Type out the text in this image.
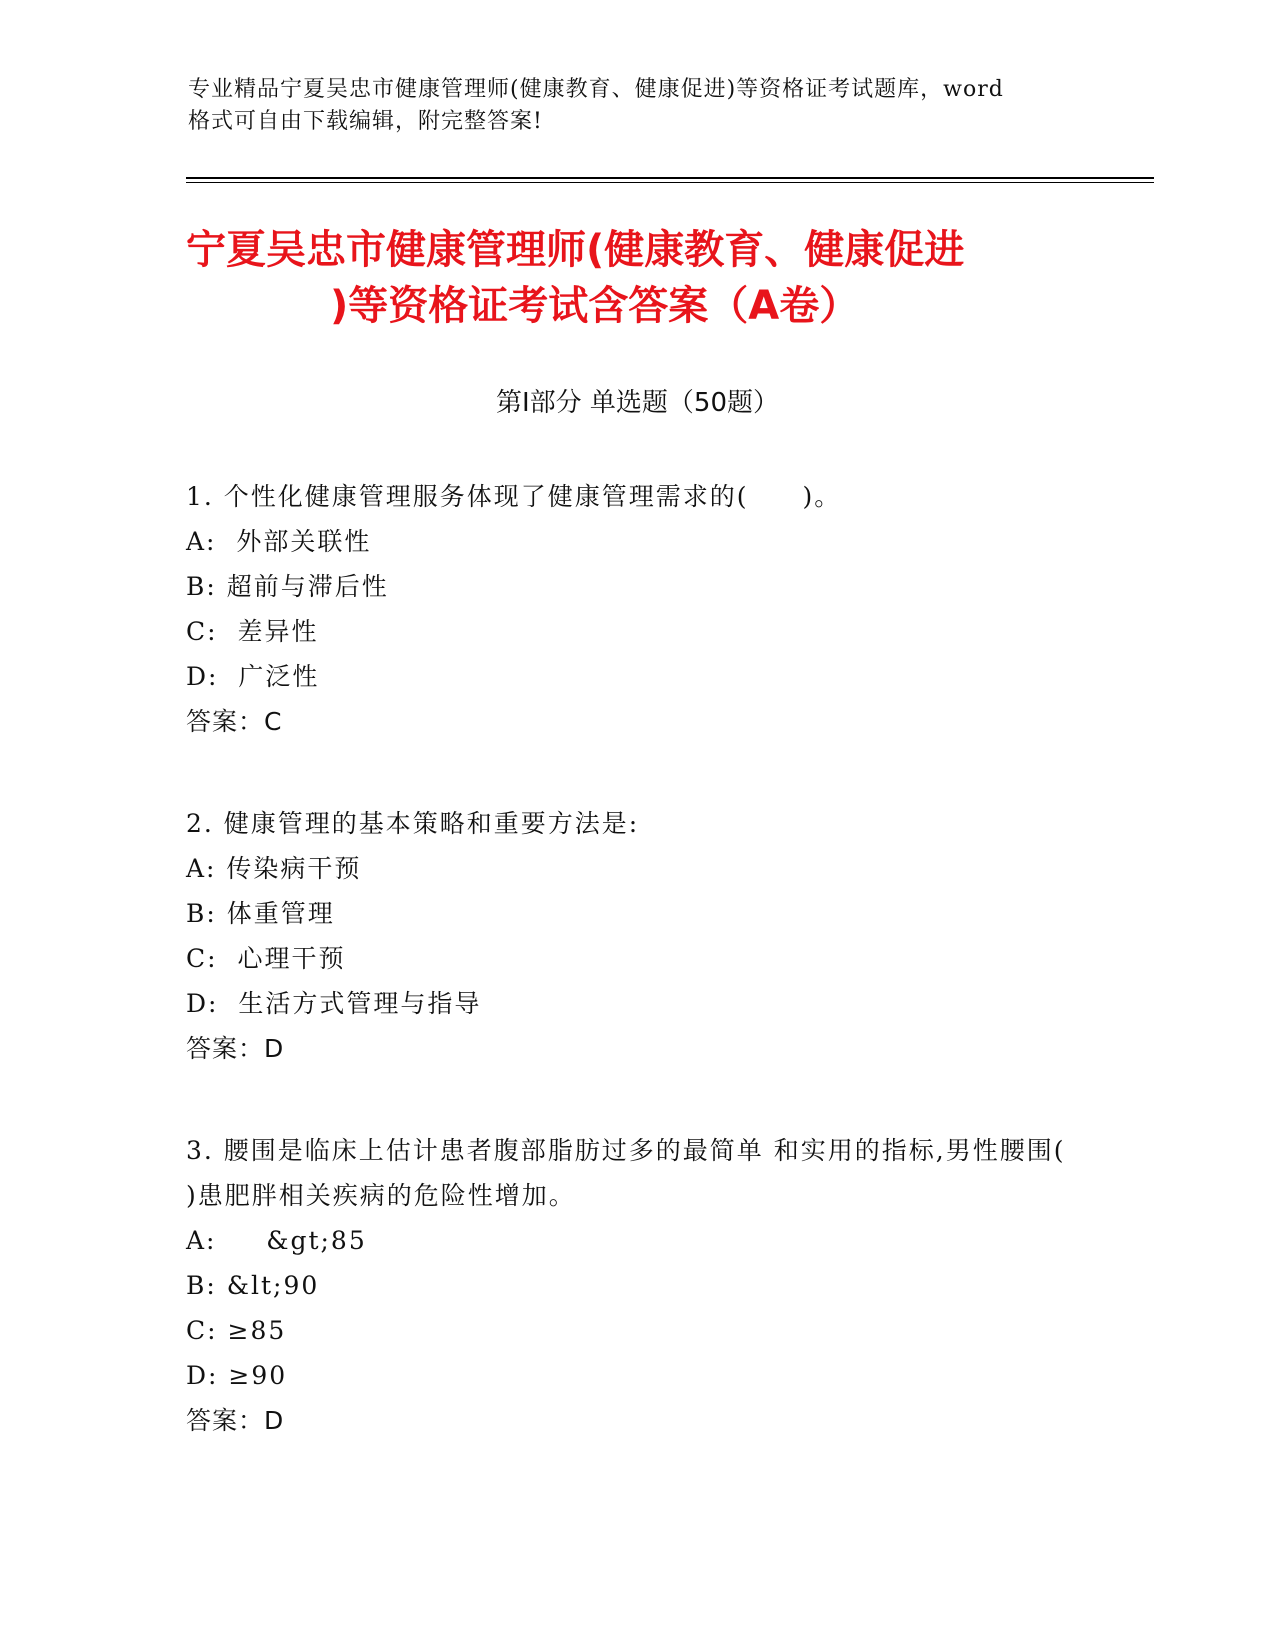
专业精品宁夏吴忠市健康管理师(健康教育、健康促进)等资格证考试题库，word
格式可自由下载编辑，附完整答案!
宁夏吴忠市健康管理师(健康教育、健康促进
)等资格证考试含答案（A卷）
第Ⅰ部分 单选题（50题）
1. 个性化健康管理服务体现了健康管理需求的(　　)。
A:  外部关联性
B: 超前与滞后性
C:  差异性
D:  广泛性
答案：C
2. 健康管理的基本策略和重要方法是:
A: 传染病干预
B: 体重管理
C:  心理干预
D:  生活方式管理与指导
答案：D
3. 腰围是临床上估计患者腹部脂肪过多的最简单 和实用的指标,男性腰围( )患肥胖相关疾病的危险性增加。
A:     &gt;85
B: &lt;90
C: ≥85
D: ≥90
答案：D
